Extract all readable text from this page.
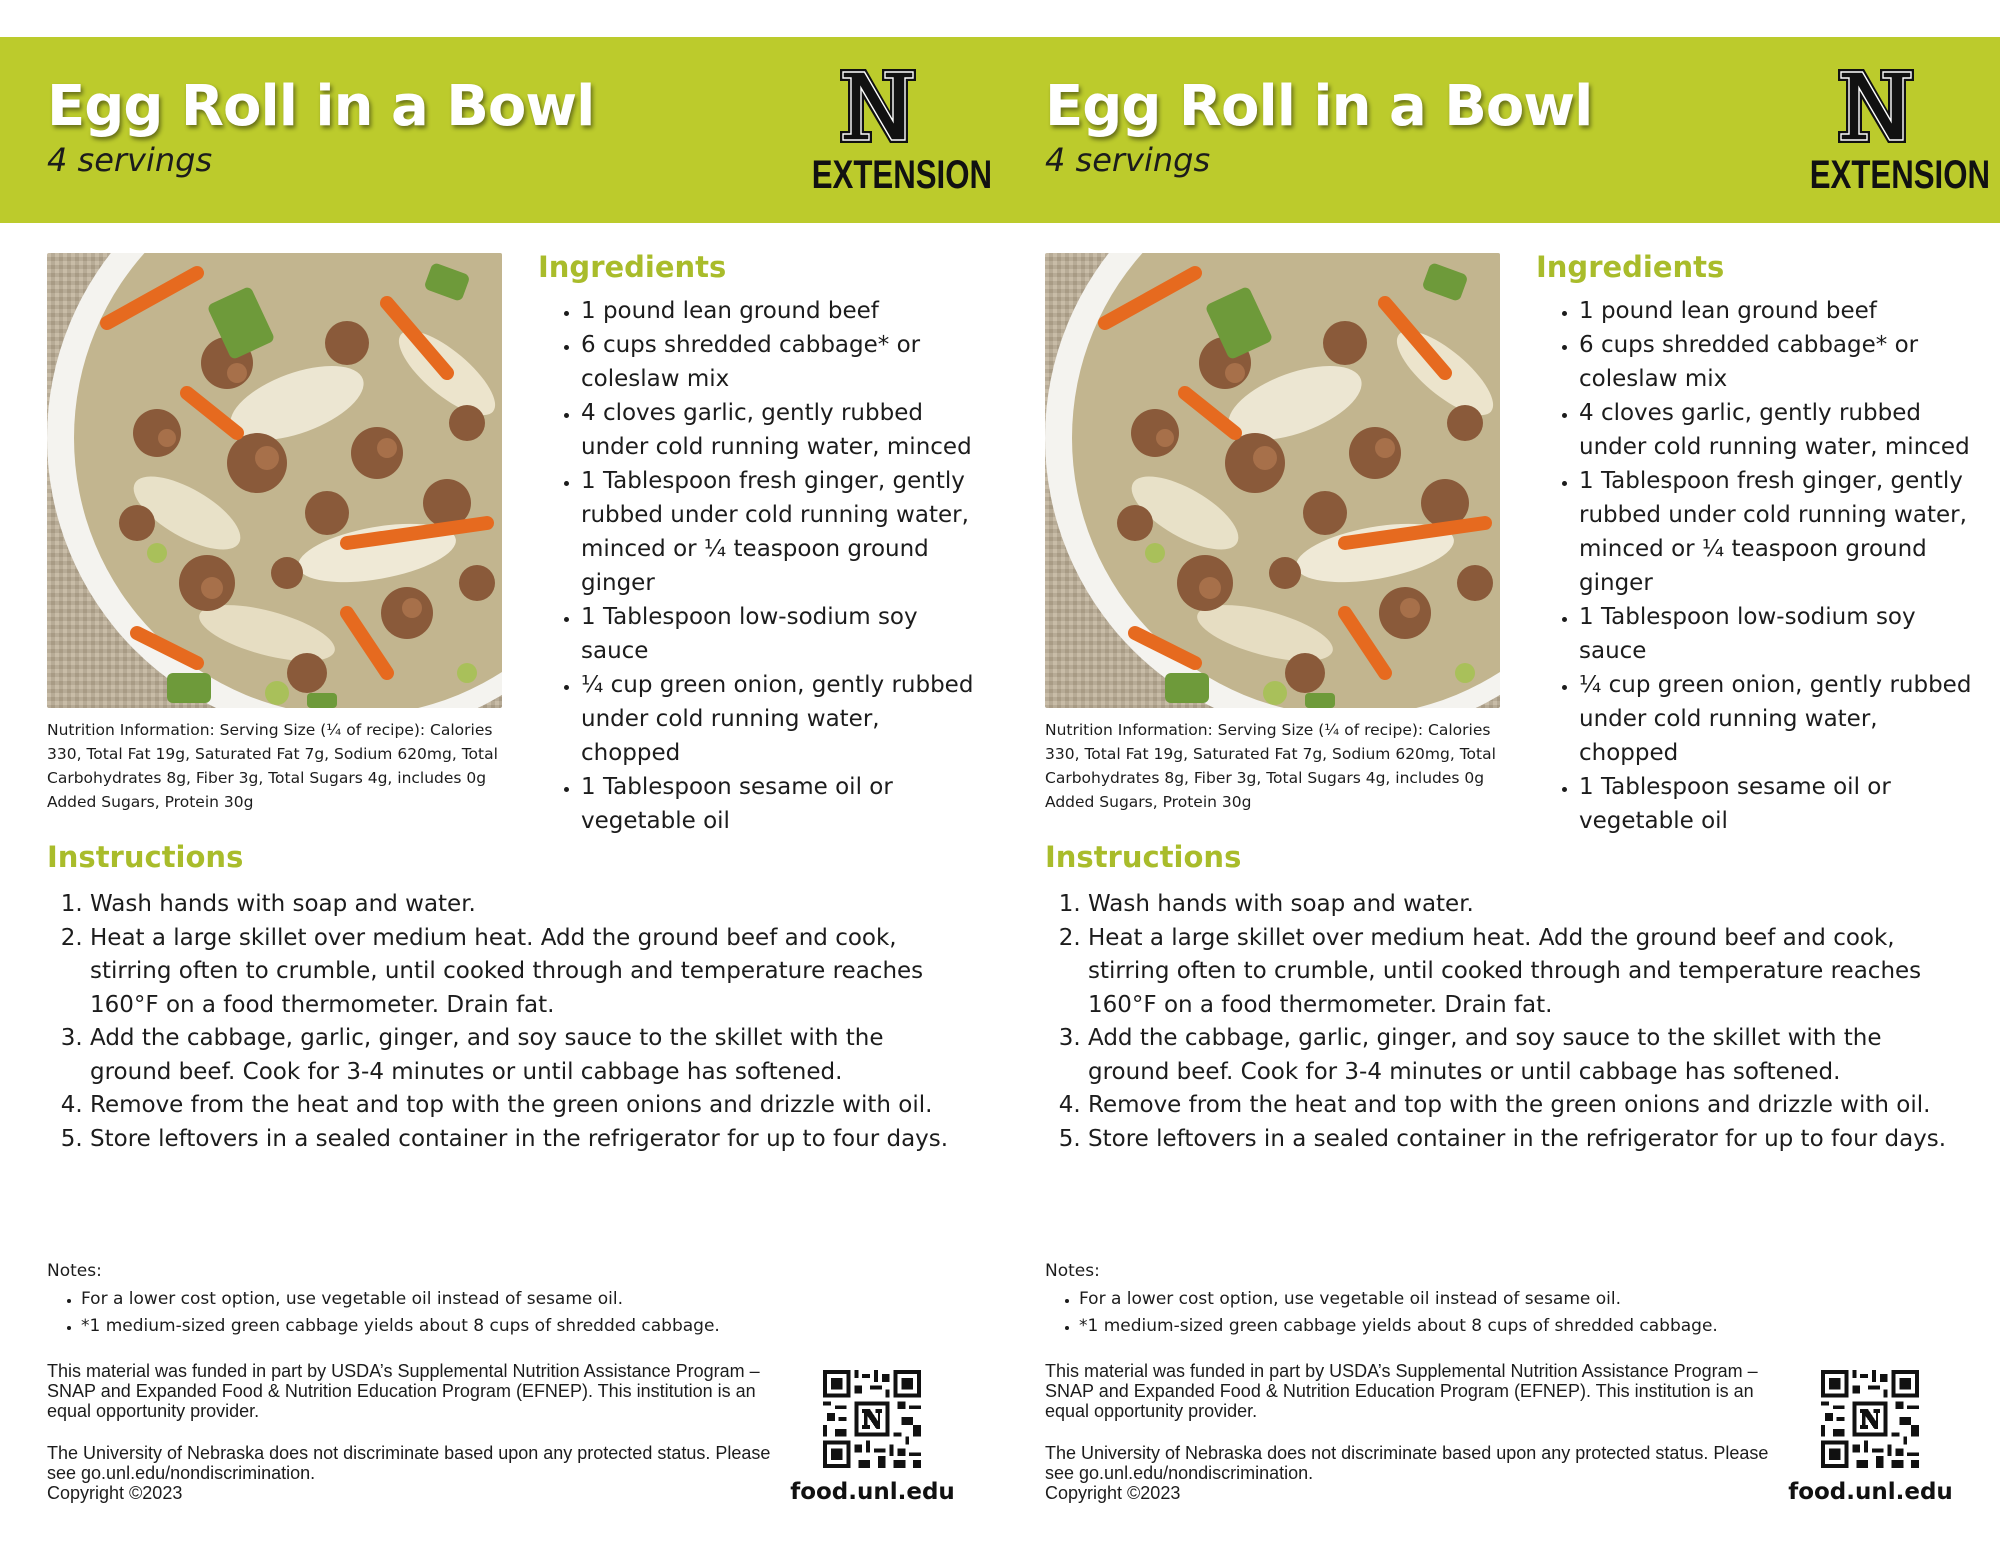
Egg Roll in a Bowl
4 servings	EXTENSION
Nutrition Information: Serving Size (¼ of recipe): Calories 330, Total Fat 19g, Saturated Fat 7g, Sodium 620mg, Total Carbohydrates 8g, Fiber 3g, Total Sugars 4g, includes 0g Added Sugars, Protein 30g
Ingredients
• 1 pound lean ground beef
• 6 cups shredded cabbage* or coleslaw mix
• 4 cloves garlic, gently rubbed under cold running water, minced
• 1 Tablespoon fresh ginger, gently rubbed under cold running water, minced or ¼ teaspoon ground ginger
• 1 Tablespoon low-sodium soy sauce
• ¼ cup green onion, gently rubbed under cold running water, chopped
• 1 Tablespoon sesame oil or vegetable oil
Instructions
1. Wash hands with soap and water.
2. Heat a large skillet over medium heat. Add the ground beef and cook, stirring often to crumble, until cooked through and temperature reaches 160°F on a food thermometer. Drain fat.
3. Add the cabbage, garlic, ginger, and soy sauce to the skillet with the ground beef. Cook for 3-4 minutes or until cabbage has softened.
4. Remove from the heat and top with the green onions and drizzle with oil.
5. Store leftovers in a sealed container in the refrigerator for up to four days.
Notes:
• For a lower cost option, use vegetable oil instead of sesame oil.
• *1 medium-sized green cabbage yields about 8 cups of shredded cabbage.

This material was funded in part by USDA’s Supplemental Nutrition Assistance Program – SNAP and Expanded Food & Nutrition Education Program (EFNEP). This institution is an equal opportunity provider.

The University of Nebraska does not discriminate based upon any protected status. Please see go.unl.edu/nondiscrimination.
Copyright ©2023	food.unl.edu
Egg Roll in a Bowl
4 servings	EXTENSION
Nutrition Information: Serving Size (¼ of recipe): Calories 330, Total Fat 19g, Saturated Fat 7g, Sodium 620mg, Total Carbohydrates 8g, Fiber 3g, Total Sugars 4g, includes 0g Added Sugars, Protein 30g
Ingredients
• 1 pound lean ground beef
• 6 cups shredded cabbage* or coleslaw mix
• 4 cloves garlic, gently rubbed under cold running water, minced
• 1 Tablespoon fresh ginger, gently rubbed under cold running water, minced or ¼ teaspoon ground ginger
• 1 Tablespoon low-sodium soy sauce
• ¼ cup green onion, gently rubbed under cold running water, chopped
• 1 Tablespoon sesame oil or vegetable oil
Instructions
1. Wash hands with soap and water.
2. Heat a large skillet over medium heat. Add the ground beef and cook, stirring often to crumble, until cooked through and temperature reaches 160°F on a food thermometer. Drain fat.
3. Add the cabbage, garlic, ginger, and soy sauce to the skillet with the ground beef. Cook for 3-4 minutes or until cabbage has softened.
4. Remove from the heat and top with the green onions and drizzle with oil.
5. Store leftovers in a sealed container in the refrigerator for up to four days.
Notes:
• For a lower cost option, use vegetable oil instead of sesame oil.
• *1 medium-sized green cabbage yields about 8 cups of shredded cabbage.

This material was funded in part by USDA’s Supplemental Nutrition Assistance Program – SNAP and Expanded Food & Nutrition Education Program (EFNEP). This institution is an equal opportunity provider.

The University of Nebraska does not discriminate based upon any protected status. Please see go.unl.edu/nondiscrimination.
Copyright ©2023	food.unl.edu
